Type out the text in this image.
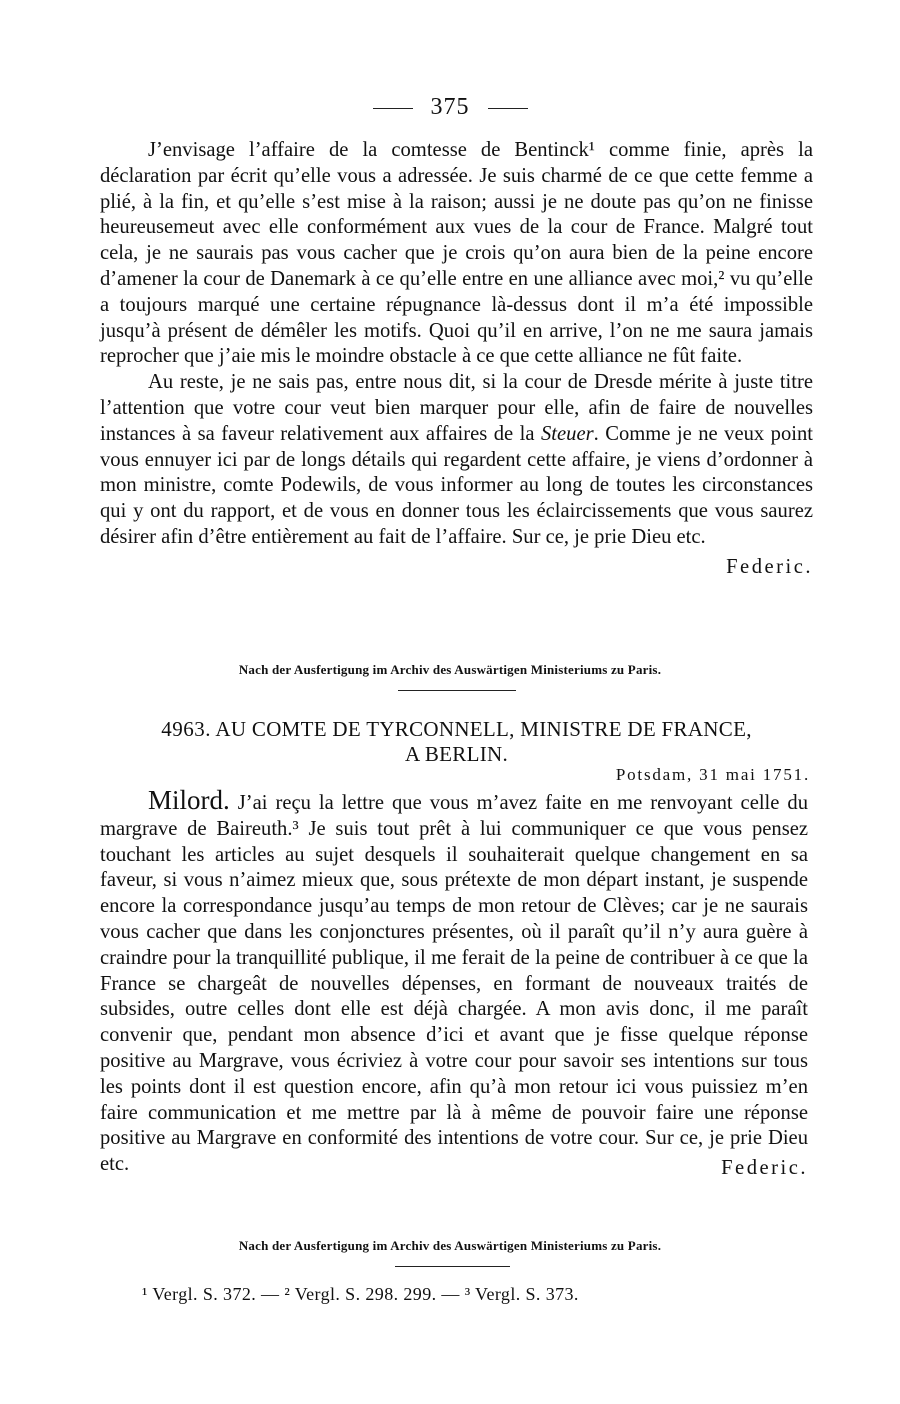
375

J’envisage l’affaire de la comtesse de Bentinck¹ comme finie, après la déclaration par écrit qu’elle vous a adressée. Je suis charmé de ce que cette femme a plié, à la fin, et qu’elle s’est mise à la raison; aussi je ne doute pas qu’on ne finisse heureusemeut avec elle conformément aux vues de la cour de France. Malgré tout cela, je ne saurais pas vous cacher que je crois qu’on aura bien de la peine encore d’amener la cour de Danemark à ce qu’elle entre en une alliance avec moi,² vu qu’elle a toujours marqué une certaine répugnance là-dessus dont il m’a été impossible jusqu’à présent de démêler les motifs. Quoi qu’il en arrive, l’on ne me saura jamais reprocher que j’aie mis le moindre obstacle à ce que cette alliance ne fût faite.

Au reste, je ne sais pas, entre nous dit, si la cour de Dresde mérite à juste titre l’attention que votre cour veut bien marquer pour elle, afin de faire de nouvelles instances à sa faveur relativement aux affaires de la Steuer. Comme je ne veux point vous ennuyer ici par de longs détails qui regardent cette affaire, je viens d’ordonner à mon ministre, comte Podewils, de vous informer au long de toutes les circonstances qui y ont du rapport, et de vous en donner tous les éclaircissements que vous saurez désirer afin d’être entièrement au fait de l’affaire. Sur ce, je prie Dieu etc.
Federic.

Nach der Ausfertigung im Archiv des Auswärtigen Ministeriums zu Paris.
4963. AU COMTE DE TYRCONNELL, MINISTRE DE FRANCE,
A BERLIN.
Potsdam, 31 mai 1751.

Milord. J’ai reçu la lettre que vous m’avez faite en me renvoyant celle du margrave de Baireuth.³ Je suis tout prêt à lui communiquer ce que vous pensez touchant les articles au sujet desquels il souhaiterait quelque changement en sa faveur, si vous n’aimez mieux que, sous prétexte de mon départ instant, je suspende encore la correspondance jusqu’au temps de mon retour de Clèves; car je ne saurais vous cacher que dans les conjonctures présentes, où il paraît qu’il n’y aura guère à craindre pour la tranquillité publique, il me ferait de la peine de contribuer à ce que la France se chargeât de nouvelles dépenses, en formant de nouveaux traités de subsides, outre celles dont elle est déjà chargée. A mon avis donc, il me paraît convenir que, pendant mon absence d’ici et avant que je fisse quelque réponse positive au Margrave, vous écriviez à votre cour pour savoir ses intentions sur tous les points dont il est question encore, afin qu’à mon retour ici vous puissiez m’en faire communication et me mettre par là à même de pouvoir faire une réponse positive au Margrave en conformité des intentions de votre cour. Sur ce, je prie Dieu etc.	Federic.

Nach der Ausfertigung im Archiv des Auswärtigen Ministeriums zu Paris.
¹ Vergl. S. 372. — ² Vergl. S. 298. 299. — ³ Vergl. S. 373.
